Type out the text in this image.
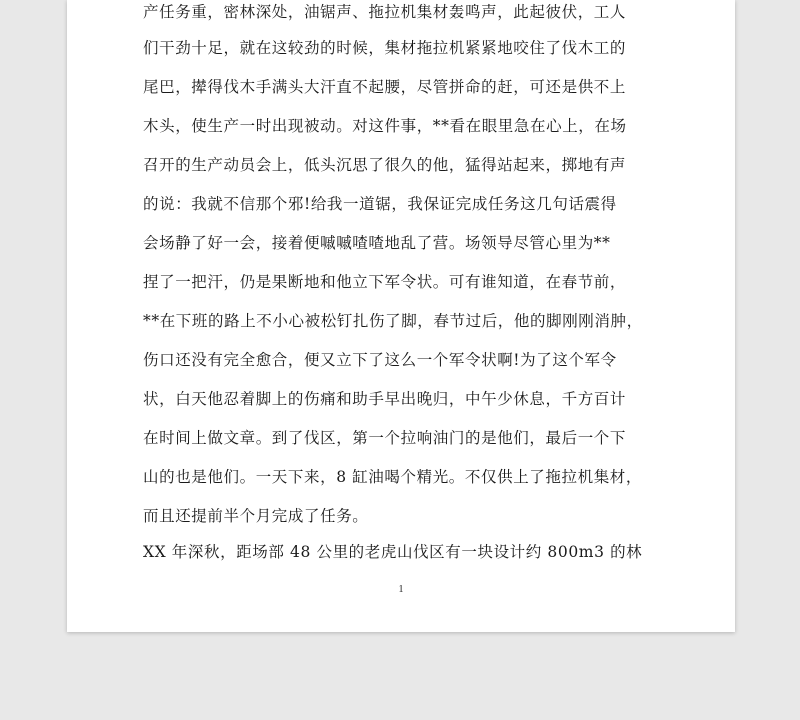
产任务重，密林深处，油锯声、拖拉机集材轰鸣声，此起彼伏，工人
们干劲十足，就在这较劲的时候，集材拖拉机紧紧地咬住了伐木工的
尾巴，撵得伐木手满头大汗直不起腰，尽管拼命的赶，可还是供不上
木头，使生产一时出现被动。对这件事，**看在眼里急在心上，在场
召开的生产动员会上，低头沉思了很久的他，猛得站起来，掷地有声
的说：我就不信那个邪!给我一道锯，我保证完成任务这几句话震得
会场静了好一会，接着便嘁嘁喳喳地乱了营。场领导尽管心里为**
捏了一把汗，仍是果断地和他立下军令状。可有谁知道，在春节前，
**在下班的路上不小心被松钉扎伤了脚，春节过后，他的脚刚刚消肿，
伤口还没有完全愈合，便又立下了这么一个军令状啊!为了这个军令
状，白天他忍着脚上的伤痛和助手早出晚归，中午少休息，千方百计
在时间上做文章。到了伐区，第一个拉响油门的是他们，最后一个下
山的也是他们。一天下来，8 缸油喝个精光。不仅供上了拖拉机集材，
而且还提前半个月完成了任务。
XX 年深秋，距场部 48 公里的老虎山伐区有一块设计约 800m3 的林
1
